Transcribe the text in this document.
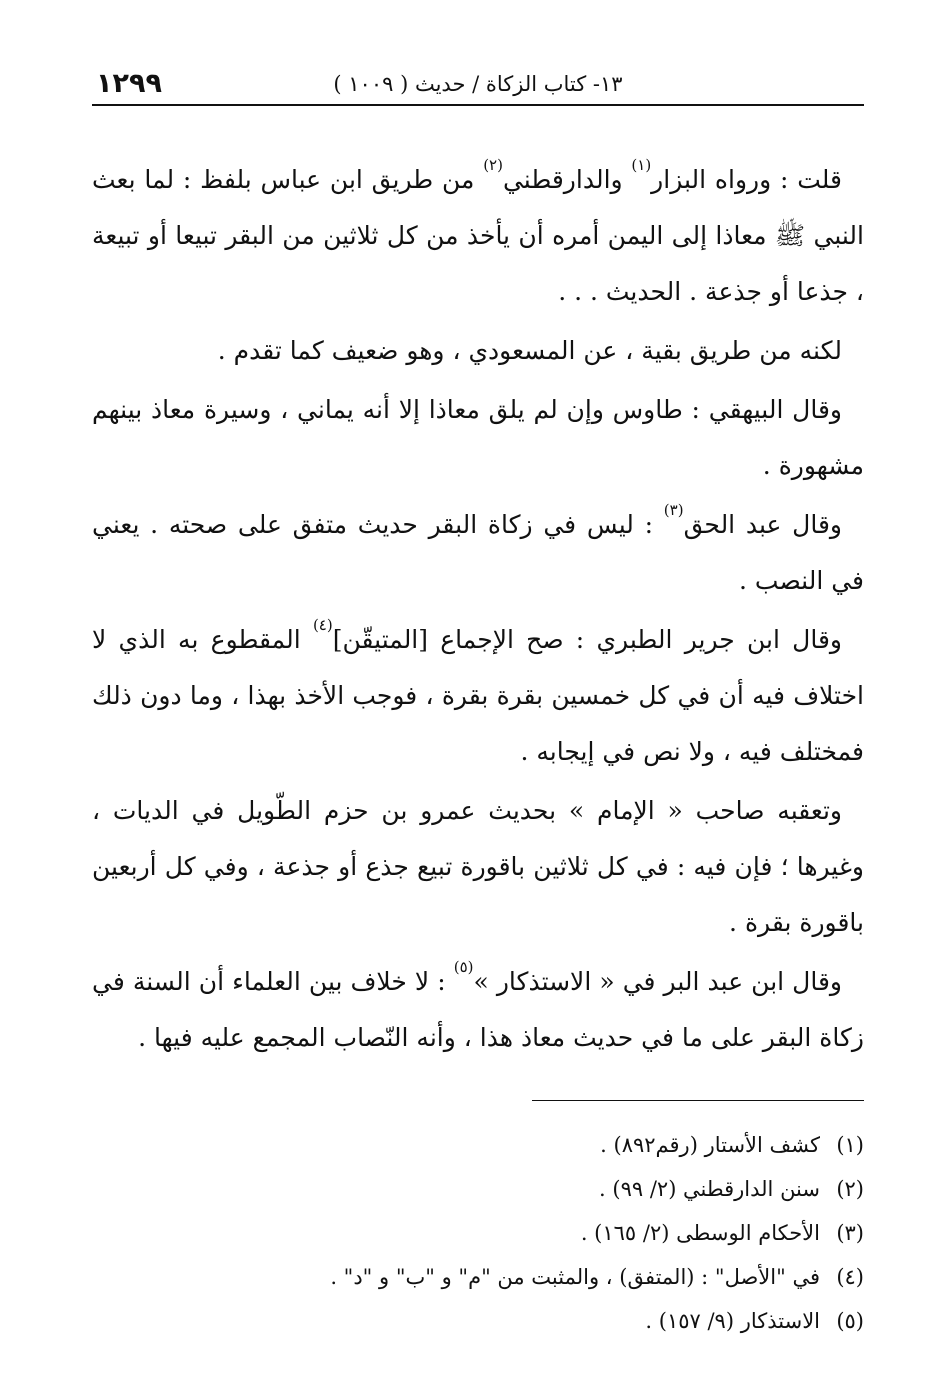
١٢٩٩	١٣- كتاب الزكاة / حديث ( ١٠٠٩ )

قلت : ورواه البزار$^{(١)}$ والدارقطني$^{(٢)}$ من طريق ابن عباس بلفظ : لما بعث النبي ﷺ معاذا إلى اليمن أمره أن يأخذ من كل ثلاثين من البقر تبيعا أو تبيعة ، جذعا أو جذعة . الحديث . . .

لكنه من طريق بقية ، عن المسعودي ، وهو ضعيف كما تقدم .

وقال البيهقي : طاوس وإن لم يلق معاذا إلا أنه يماني ، وسيرة معاذ بينهم مشهورة .

وقال عبد الحق$^{(٣)}$ : ليس في زكاة البقر حديث متفق على صحته . يعني في النصب .

وقال ابن جرير الطبري : صح الإجماع [المتيقّن]$^{(٤)}$ المقطوع به الذي لا اختلاف فيه أن في كل خمسين بقرة بقرة ، فوجب الأخذ بهذا ، وما دون ذلك فمختلف فيه ، ولا نص في إيجابه .

وتعقبه صاحب « الإمام » بحديث عمرو بن حزم الطّويل في الديات ، وغيرها ؛ فإن فيه : في كل ثلاثين باقورة تبيع جذع أو جذعة ، وفي كل أربعين باقورة بقرة .

وقال ابن عبد البر في « الاستذكار »$^{(٥)}$ : لا خلاف بين العلماء أن السنة في زكاة البقر على ما في حديث معاذ هذا ، وأنه النّصاب المجمع عليه فيها .

(١)كشف الأستار (رقم٨٩٢) .

(٢)سنن الدارقطني (٢/ ٩٩) .

(٣)الأحكام الوسطى (٢/ ١٦٥) .

(٤)في "الأصل" : (المتفق) ، والمثبت من "م" و "ب" و "د" .

(٥)الاستذكار (٩/ ١٥٧) .
